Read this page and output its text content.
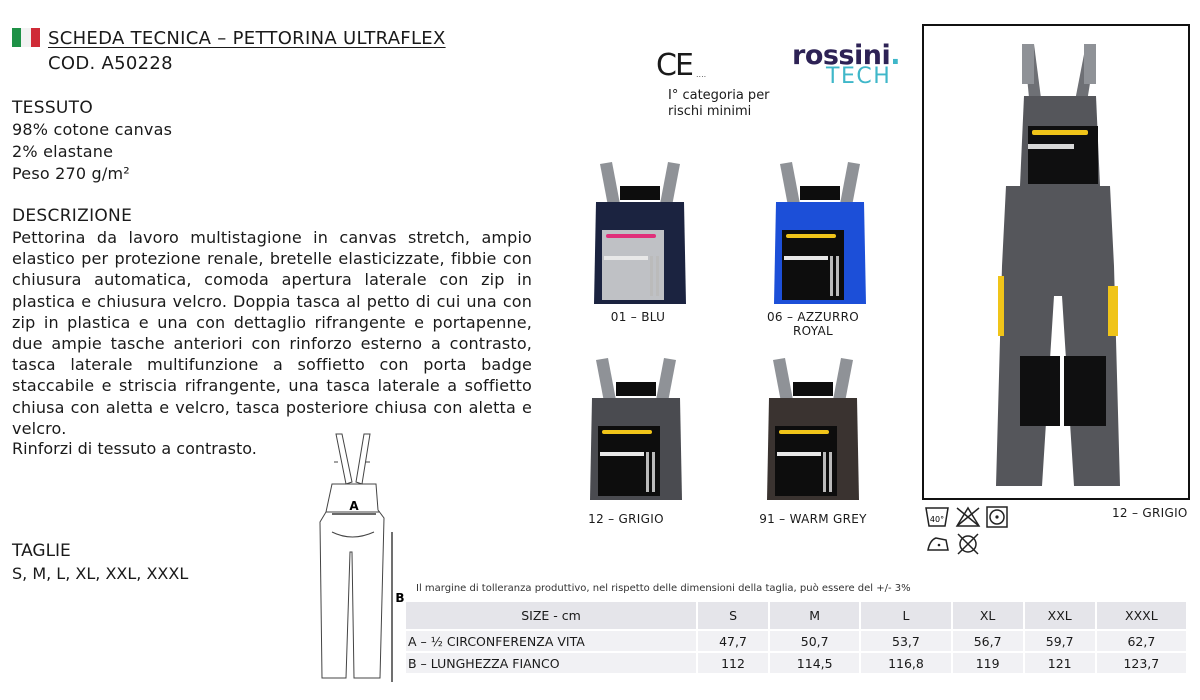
SCHEDA TECNICA – PETTORINA ULTRAFLEX
COD. A50228
TESSUTO
98% cotone canvas
2% elastane
Peso 270 g/m²
DESCRIZIONE
Pettorina da lavoro multistagione in canvas stretch, ampio elastico per protezione renale, bretelle elasticizzate, fibbie con chiusura automatica, comoda apertura laterale con zip in plastica e chiusura velcro. Doppia tasca al petto di cui una con zip in plastica e una con dettaglio rifrangente e portapenne, due ampie tasche anteriori con rinforzo esterno a contrasto, tasca laterale multifunzione a soffietto con porta badge staccabile e striscia rifrangente, una tasca laterale a soffietto chiusa con aletta e velcro, tasca posteriore chiusa con aletta e velcro.
Rinforzi di tessuto a contrasto.
TAGLIE
S, M, L, XL, XXL, XXXL
CE ....
I° categoria per
rischi minimi
rossini.
TECH
01 – BLU	06 – AZZURRO ROYAL
12 – GRIGIO	91 – WARM GREY	12 – GRIGIO
40°
A
B
Il margine di tolleranza produttivo, nel rispetto delle dimensioni della taglia, può essere del +/- 3%
SIZE - cm	S	M	L	XL	XXL	XXXL
A – ½ CIRCONFERENZA VITA	47,7	50,7	53,7	56,7	59,7	62,7
B – LUNGHEZZA FIANCO	112	114,5	116,8	119	121	123,7
